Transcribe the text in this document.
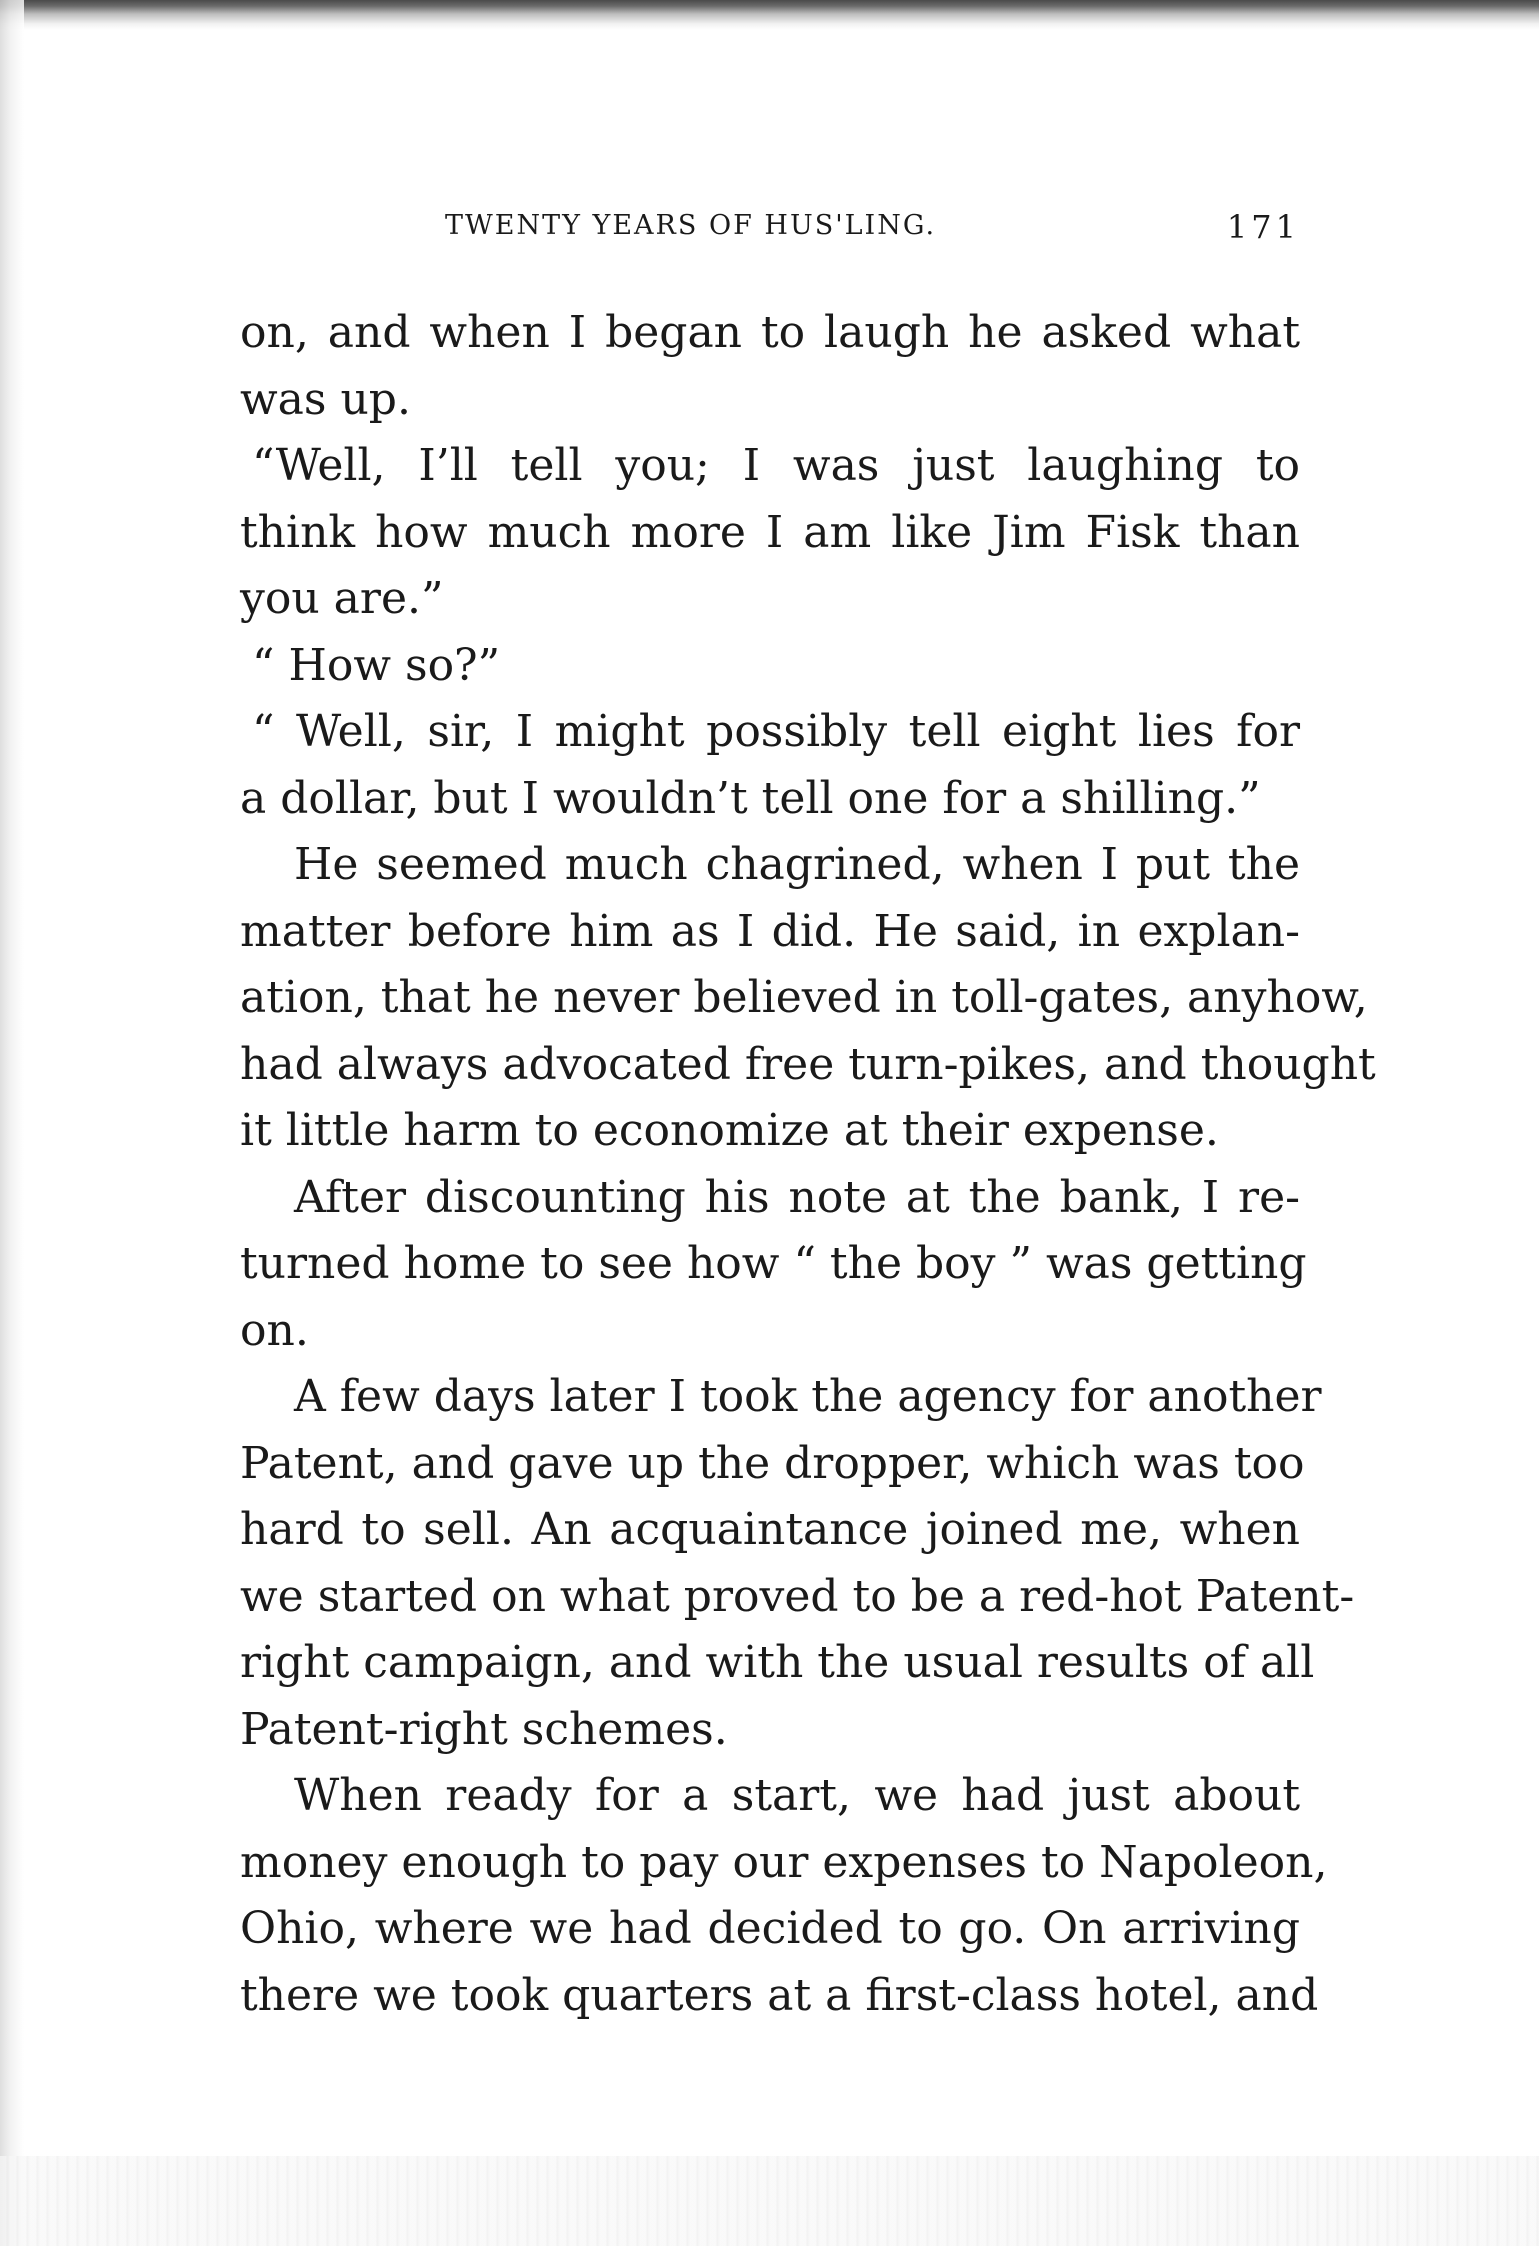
TWENTY YEARS OF HUS'LING.	171
on, and when I began to laugh he asked what
was up.
“Well, I’ll tell you; I was just laughing to
think how much more I am like Jim Fisk than
you are.”
“ How so?”
“ Well, sir, I might possibly tell eight lies for
a dollar, but I wouldn’t tell one for a shilling.”
He seemed much chagrined, when I put the
matter before him as I did. He said, in explan-
ation, that he never believed in toll-gates, anyhow,
had always advocated free turn-pikes, and thought
it little harm to economize at their expense.
After discounting his note at the bank, I re-
turned home to see how “ the boy ” was getting
on.
A few days later I took the agency for another
Patent, and gave up the dropper, which was too
hard to sell. An acquaintance joined me, when
we started on what proved to be a red-hot Patent-
right campaign, and with the usual results of all
Patent-right schemes.
When ready for a start, we had just about
money enough to pay our expenses to Napoleon,
Ohio, where we had decided to go. On arriving
there we took quarters at a first-class hotel, and
